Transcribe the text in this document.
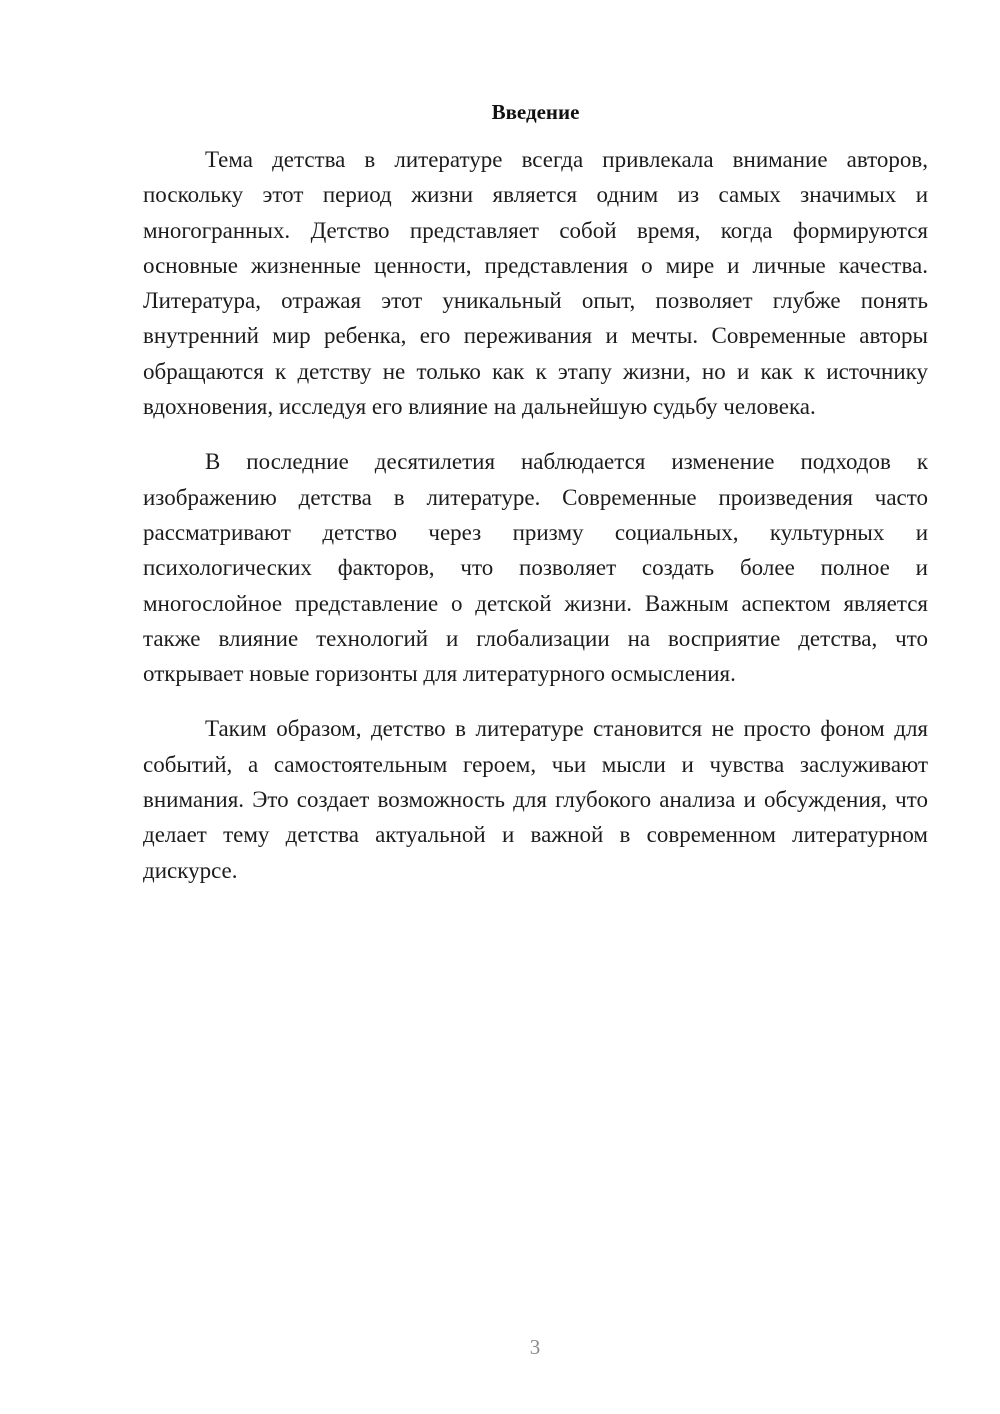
Введение

Тема детства в литературе всегда привлекала внимание авторов, поскольку этот период жизни является одним из самых значимых и многогранных. Детство представляет собой время, когда формируются основные жизненные ценности, представления о мире и личные качества. Литература, отражая этот уникальный опыт, позволяет глубже понять внутренний мир ребенка, его переживания и мечты. Современные авторы обращаются к детству не только как к этапу жизни, но и как к источнику вдохновения, исследуя его влияние на дальнейшую судьбу человека.

В последние десятилетия наблюдается изменение подходов к изображению детства в литературе. Современные произведения часто рассматривают детство через призму социальных, культурных и психологических факторов, что позволяет создать более полное и многослойное представление о детской жизни. Важным аспектом является также влияние технологий и глобализации на восприятие детства, что открывает новые горизонты для литературного осмысления.

Таким образом, детство в литературе становится не просто фоном для событий, а самостоятельным героем, чьи мысли и чувства заслуживают внимания. Это создает возможность для глубокого анализа и обсуждения, что делает тему детства актуальной и важной в современном литературном дискурсе.

3
